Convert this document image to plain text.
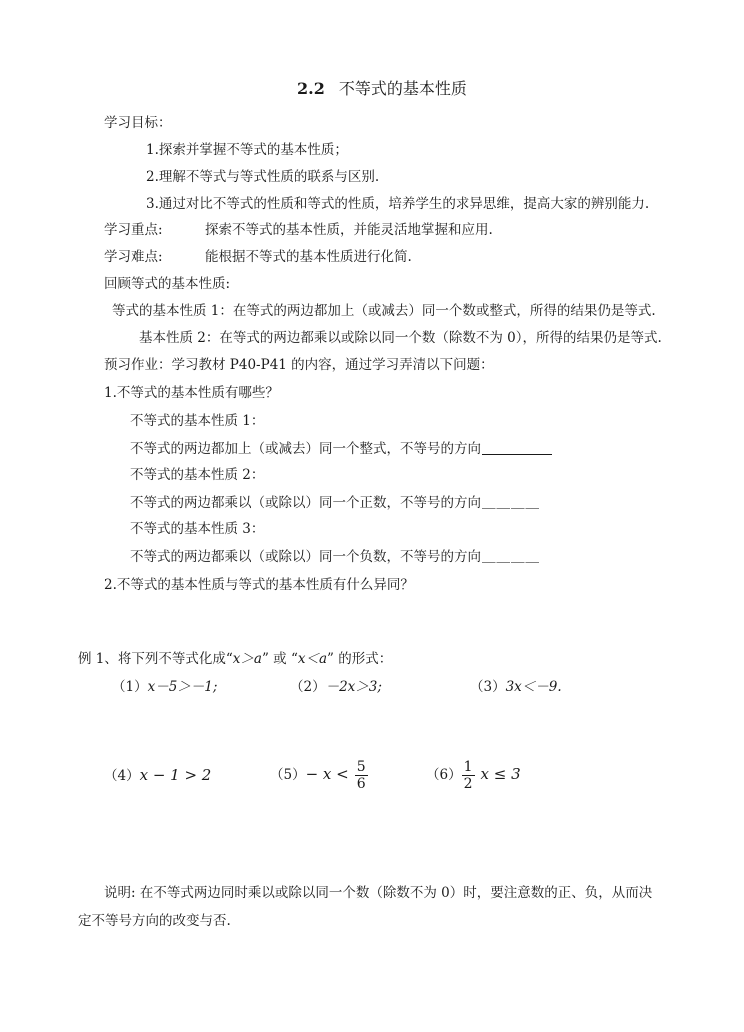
2.2 不等式的基本性质
学习目标：
1.探索并掌握不等式的基本性质；
2.理解不等式与等式性质的联系与区别.
3.通过对比不等式的性质和等式的性质，培养学生的求异思维，提高大家的辨别能力.
学习重点:	探索不等式的基本性质，并能灵活地掌握和应用.
学习难点:	能根据不等式的基本性质进行化简.
回顾等式的基本性质:
等式的基本性质 1：在等式的两边都加上（或减去）同一个数或整式，所得的结果仍是等式.
基本性质 2：在等式的两边都乘以或除以同一个数（除数不为 0），所得的结果仍是等式.
预习作业：学习教材 P40-P41 的内容，通过学习弄清以下问题：
1.不等式的基本性质有哪些？
不等式的基本性质 1：
不等式的两边都加上（或减去）同一个整式，不等号的方向
不等式的基本性质 2：
不等式的两边都乘以（或除以）同一个正数，不等号的方向＿＿＿＿
不等式的基本性质 3：
不等式的两边都乘以（或除以）同一个负数，不等号的方向＿＿＿＿
2.不等式的基本性质与等式的基本性质有什么异同？
例 1、将下列不等式化成“x＞a” 或 “x＜a” 的形式：
（1）x－5＞－1;	（2）－2x＞3;	（3）3x＜－9.
（4）x − 1 > 2	$(5)- x < \frac{5}{6}$	$(6) \frac{1}{2}$ x ≤ 3
说明: 在不等式两边同时乘以或除以同一个数（除数不为 0）时，要注意数的正、负，从而决
定不等号方向的改变与否.
